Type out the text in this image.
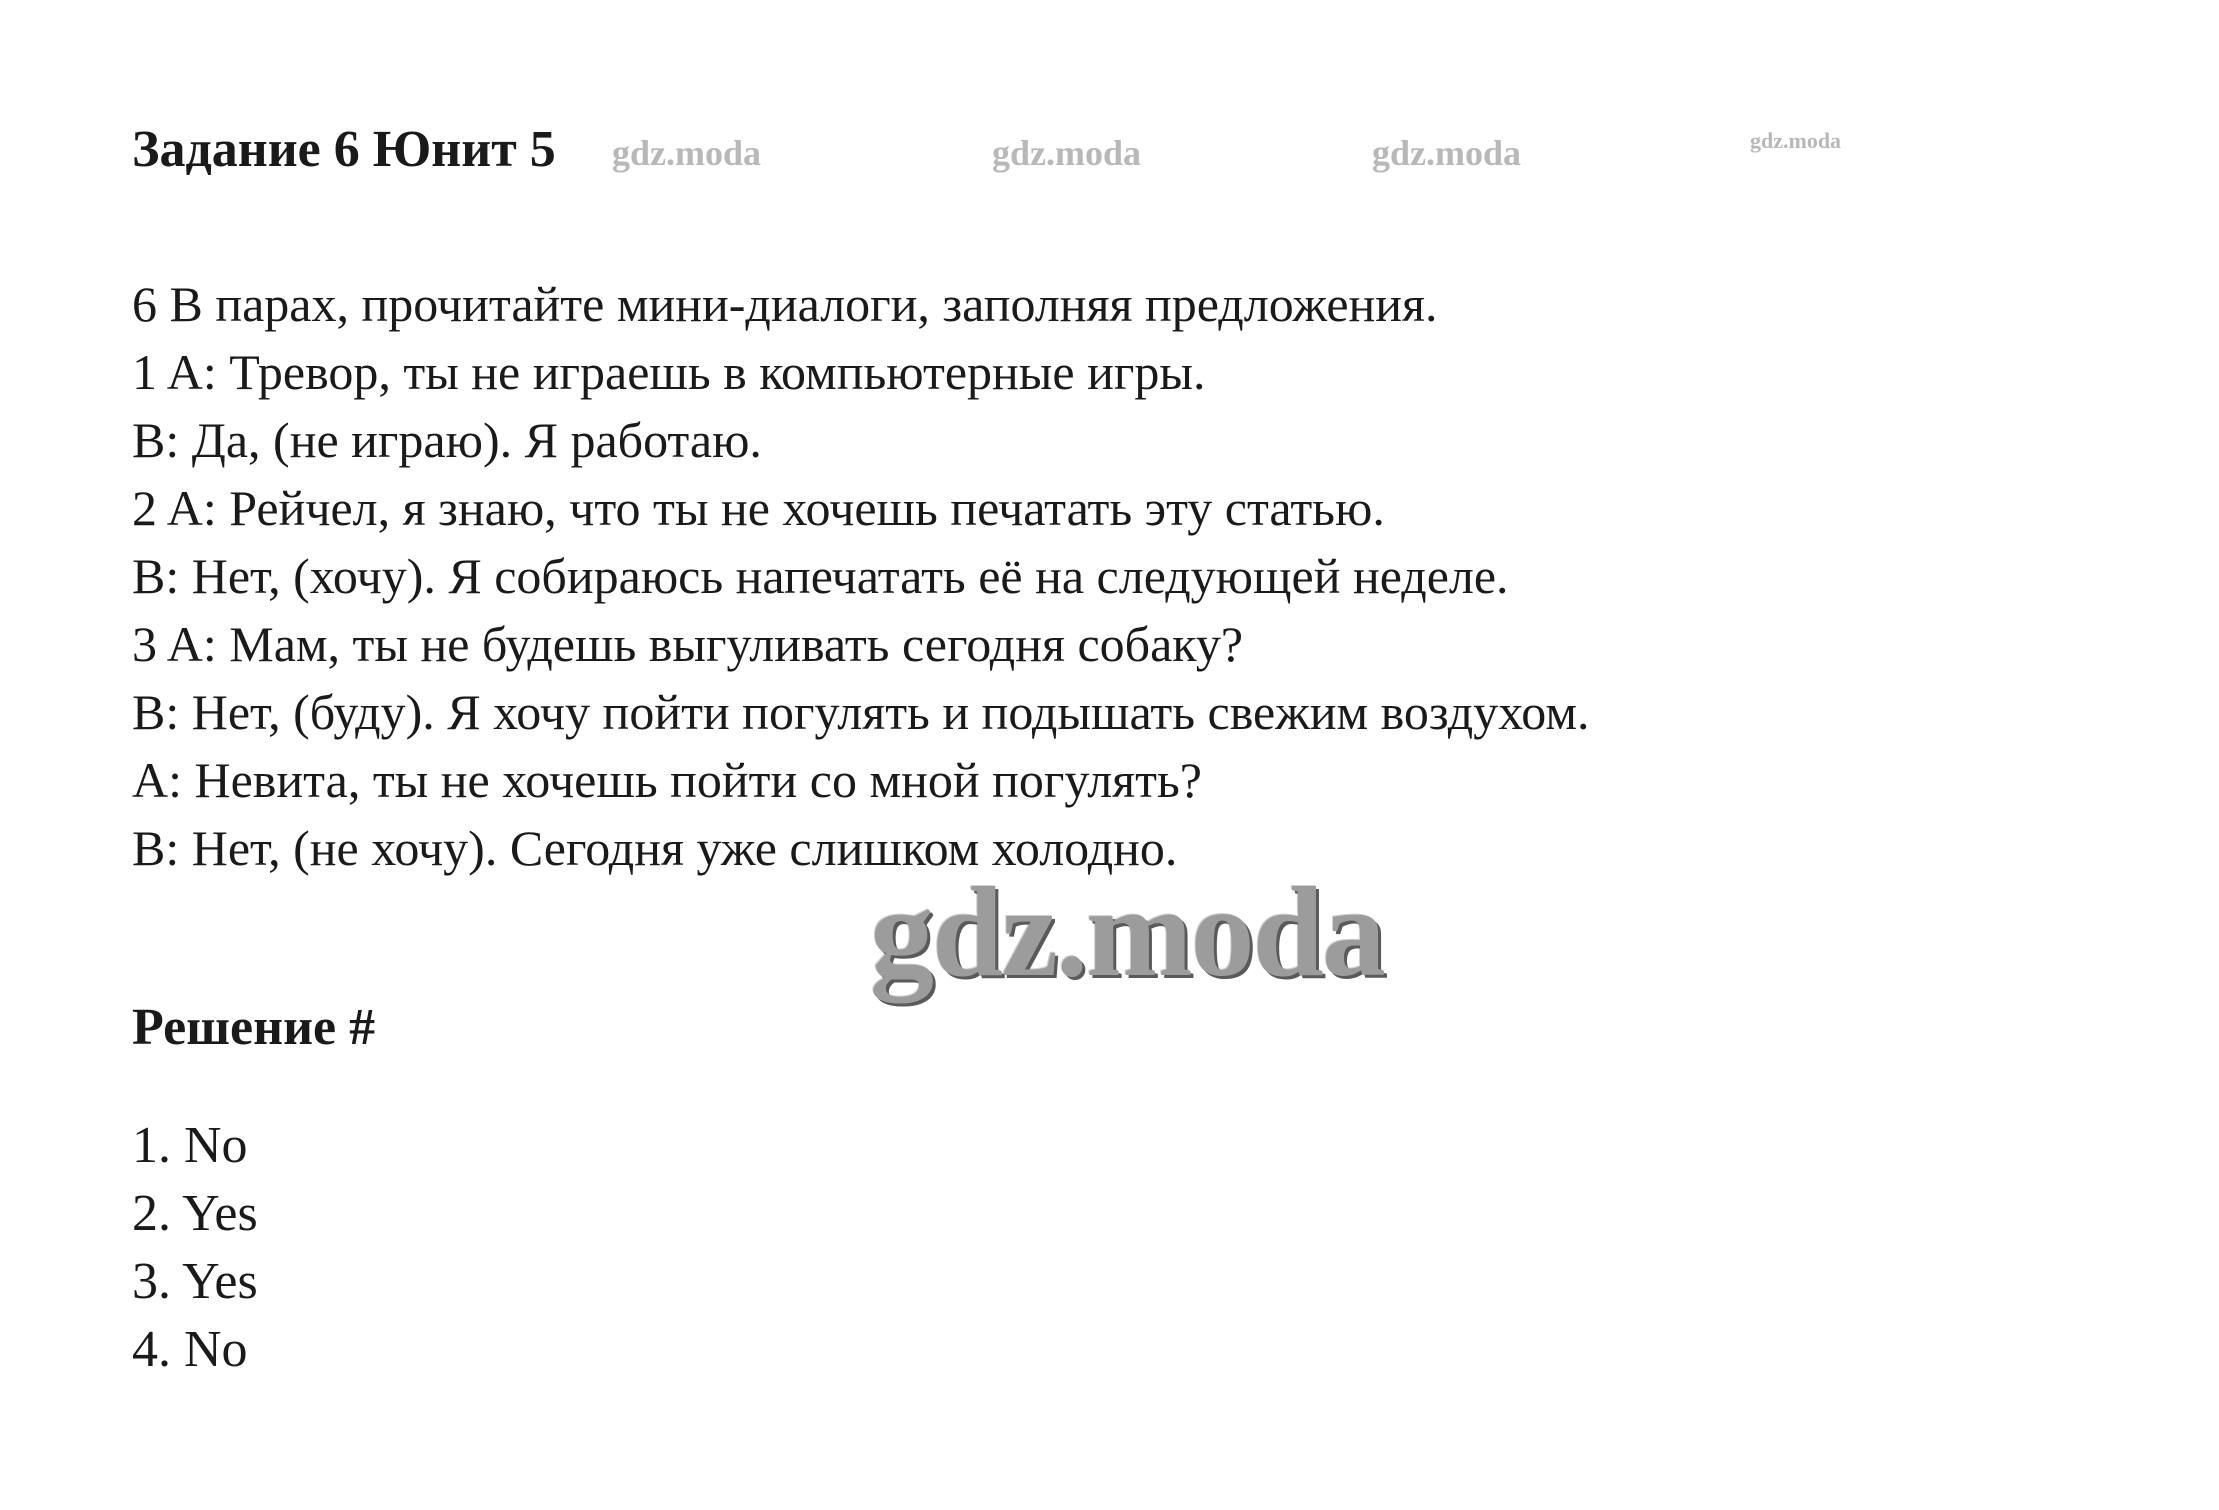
Задание 6 Юнит 5 gdz.moda	gdz.moda	gdz.moda	gdz.moda
6 В парах, прочитайте мини-диалоги, заполняя предложения.
1 A: Тревор, ты не играешь в компьютерные игры.
B: Да, (не играю). Я работаю.
2 A: Рейчел, я знаю, что ты не хочешь печатать эту статью.
B: Нет, (хочу). Я собираюсь напечатать её на следующей неделе.
3 A: Мам, ты не будешь выгуливать сегодня собаку?
B: Нет, (буду). Я хочу пойти погулять и подышать свежим воздухом.
A: Невита, ты не хочешь пойти со мной погулять?
B: Нет, (не хочу). Сегодня уже слишком холодно.
gdz.moda
Решение #
1. No
2. Yes
3. Yes
4. No
